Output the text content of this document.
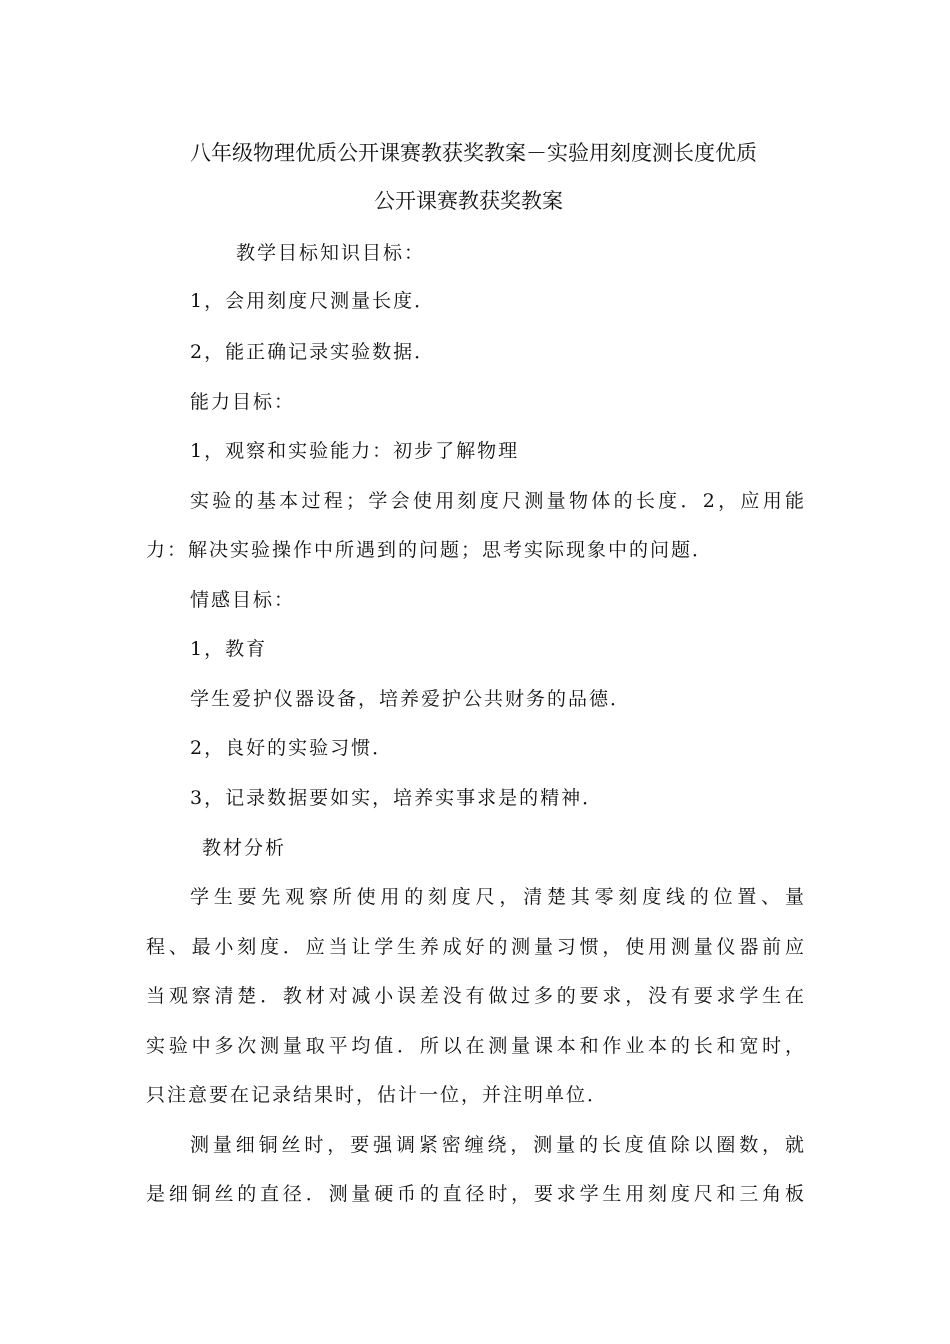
八年级物理优质公开课赛教获奖教案－实验用刻度测长度优质
公开课赛教获奖教案
教学目标知识目标：
1，会用刻度尺测量长度．
2，能正确记录实验数据．
能力目标：
1，观察和实验能力：初步了解物理
实验的基本过程；学会使用刻度尺测量物体的长度．2，应用能
力：解决实验操作中所遇到的问题；思考实际现象中的问题．
情感目标：
1，教育
学生爱护仪器设备，培养爱护公共财务的品德．
2，良好的实验习惯．
3，记录数据要如实，培养实事求是的精神．
教材分析
学生要先观察所使用的刻度尺，清楚其零刻度线的位置、量
程、最小刻度．应当让学生养成好的测量习惯，使用测量仪器前应
当观察清楚．教材对减小误差没有做过多的要求，没有要求学生在
实验中多次测量取平均值．所以在测量课本和作业本的长和宽时，
只注意要在记录结果时，估计一位，并注明单位．
测量细铜丝时，要强调紧密缠绕，测量的长度值除以圈数，就
是细铜丝的直径．测量硬币的直径时，要求学生用刻度尺和三角板
